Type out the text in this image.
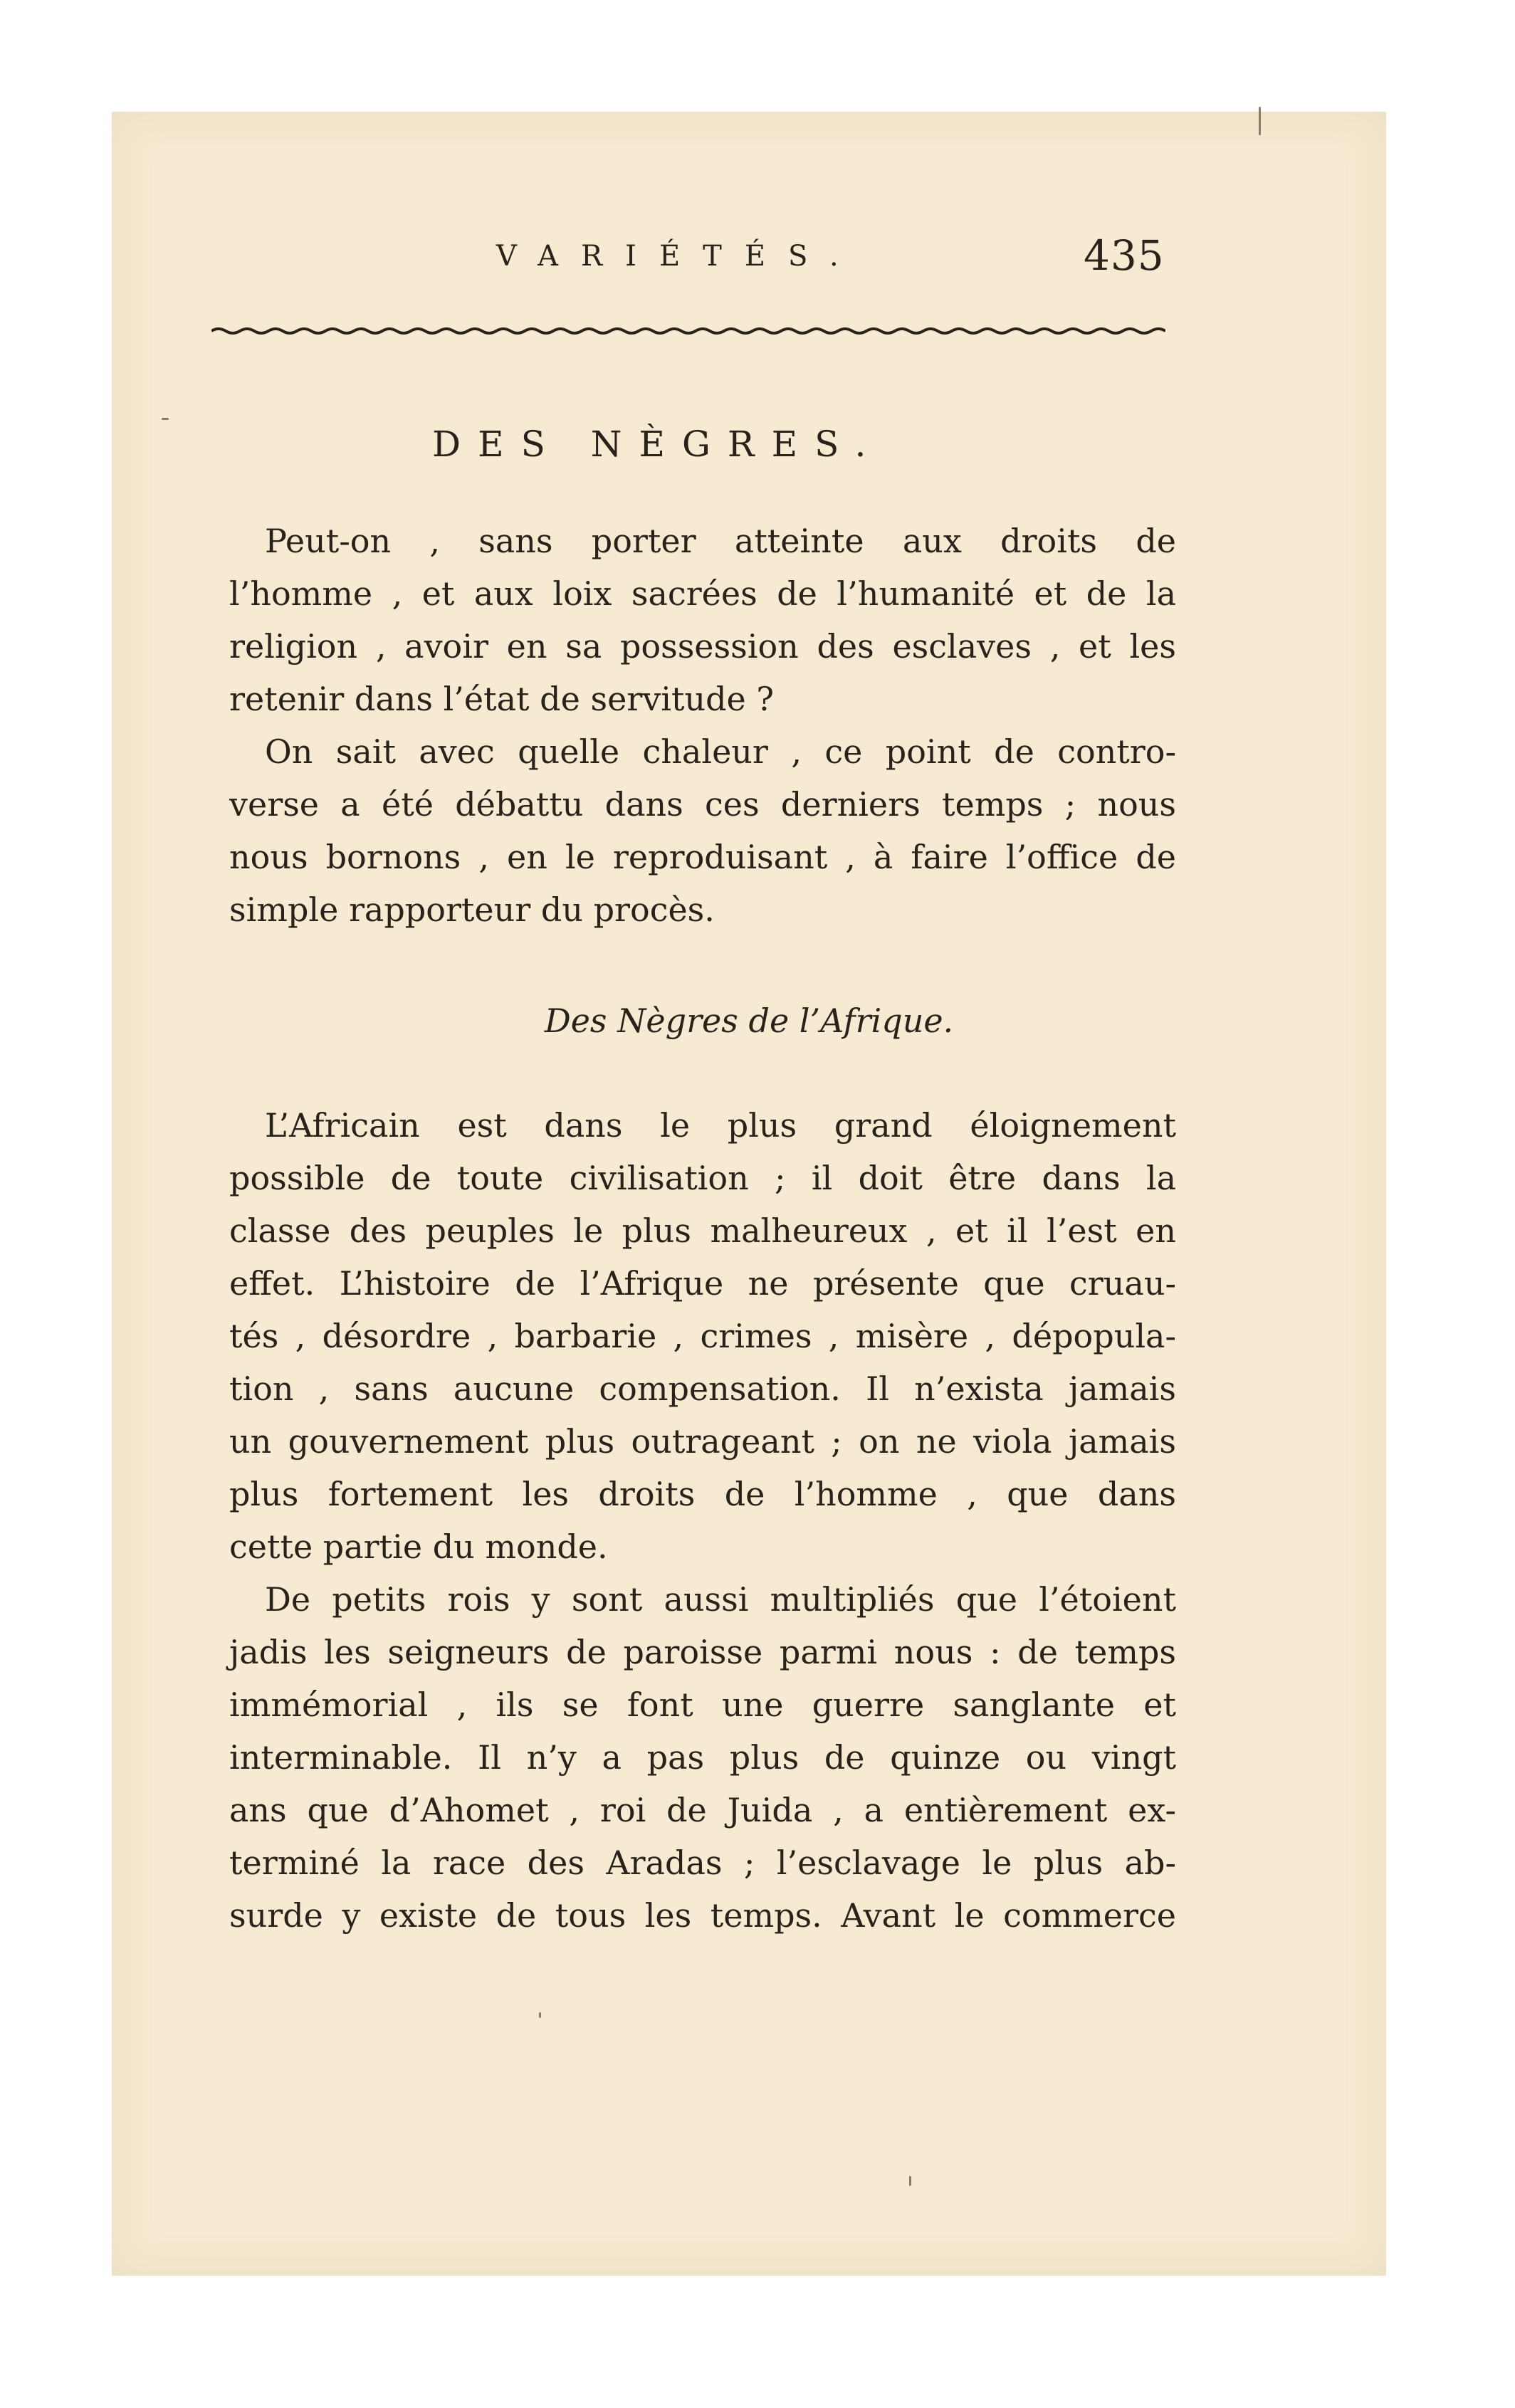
VARIÉTÉS.	435
DES NÈGRES.
Peut-on , sans porter atteinte aux droits de
l’homme , et aux loix sacrées de l’humanité et de la
religion , avoir en sa possession des esclaves , et les
retenir dans l’état de servitude ?
On sait avec quelle chaleur , ce point de contro-
verse a été débattu dans ces derniers temps ; nous
nous bornons , en le reproduisant , à faire l’office de
simple rapporteur du procès.
Des Nègres de l’Afrique.
L’Africain est dans le plus grand éloignement
possible de toute civilisation ; il doit être dans la
classe des peuples le plus malheureux , et il l’est en
effet. L’histoire de l’Afrique ne présente que cruau-
tés , désordre , barbarie , crimes , misère , dépopula-
tion , sans aucune compensation. Il n’exista jamais
un gouvernement plus outrageant ; on ne viola jamais
plus fortement les droits de l’homme , que dans
cette partie du monde.
De petits rois y sont aussi multipliés que l’étoient
jadis les seigneurs de paroisse parmi nous : de temps
immémorial , ils se font une guerre sanglante et
interminable. Il n’y a pas plus de quinze ou vingt
ans que d’Ahomet , roi de Juida , a entièrement ex-
terminé la race des Aradas ; l’esclavage le plus ab-
surde y existe de tous les temps. Avant le commerce
